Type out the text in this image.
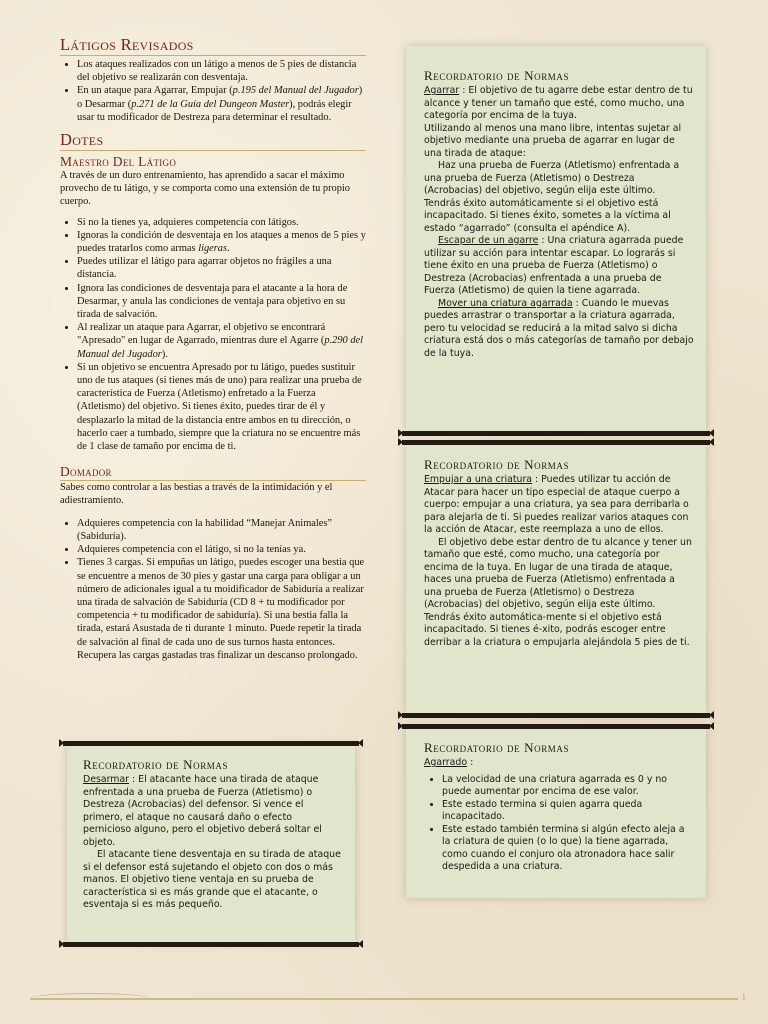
Látigos Revisados
• Los ataques realizados con un látigo a menos de 5 pies de distancia del objetivo se realizarán con desventaja.
• En un ataque para Agarrar, Empujar (p.195 del Manual del Jugador) o Desarmar (p.271 de la Guía del Dungeon Master), podrás elegir usar tu modificador de Destreza para determinar el resultado.
Dotes
Maestro Del Látigo

A través de un duro entrenamiento, has aprendido a sacar el máximo provecho de tu látigo, y se comporta como una extensión de tu propio cuerpo.

• Si no la tienes ya, adquieres competencia con látigos.
• Ignoras la condición de desventaja en los ataques a menos de 5 pies y puedes tratarlos como armas ligeras.
• Puedes utilizar el látigo para agarrar objetos no frágiles a una distancia.
• Ignora las condiciones de desventaja para el atacante a la hora de Desarmar, y anula las condiciones de ventaja para objetivo en su tirada de salvación.
• Al realizar un ataque para Agarrar, el objetivo se encontrará "Apresado" en lugar de Agarrado, mientras dure el Agarre (p.290 del Manual del Jugador).
• Si un objetivo se encuentra Apresado por tu látigo, puedes sustituir uno de tus ataques (si tienes más de uno) para realizar una prueba de característica de Fuerza (Atletismo) enfretado a la Fuerza (Atletismo) del objetivo. Si tienes éxito, puedes tirar de él y desplazarlo la mitad de la distancia entre ambos en tu dirección, o hacerlo caer a tumbado, siempre que la criatura no se encuentre más de 1 clase de tamaño por encima de ti.
Domador

Sabes como controlar a las bestias a través de la intimidación y el adiestramiento.

• Adquieres competencia con la habilidad “Manejar Animales” (Sabiduría).
• Adquieres competencia con el látigo, si no la tenías ya.
• Tienes 3 cargas. Si empuñas un látigo, puedes escoger una bestia que se encuentre a menos de 30 pies y gastar una carga para obligar a un número de adicionales igual a tu moidificador de Sabiduría a realizar una tirada de salvación de Sabiduría (CD 8 + tu modificador por competencia + tu modificador de sabiduría). Si una bestia falla la tirada, estará Asustada de ti durante 1 minuto. Puede repetir la tirada de salvación al final de cada uno de sus turnos hasta entonces. Recupera las cargas gastadas tras finalizar un descanso prolongado.
Recordatorio de Normas

Desarmar : El atacante hace una tirada de ataque enfrentada a una prueba de Fuerza (Atletismo) o Destreza (Acrobacias) del defensor. Si vence el primero, el ataque no causará daño o efecto pernicioso alguno, pero el objetivo deberá soltar el objeto.

El atacante tiene desventaja en su tirada de ataque si el defensor está sujetando el objeto con dos o más manos. El objetivo tiene ventaja en su prueba de característica si es más grande que el atacante, o esventaja si es más pequeño.

Recordatorio de Normas

Agarrar : El objetivo de tu agarre debe estar dentro de tu alcance y tener un tamaño que esté, como mucho, una categoría por encima de la tuya.

Utilizando al menos una mano libre, intentas sujetar al objetivo mediante una prueba de agarrar en lugar de una tirada de ataque:

Haz una prueba de Fuerza (Atletismo) enfrentada a una prueba de Fuerza (Atletismo) o Destreza (Acrobacias) del objetivo, según elija este último. Tendrás éxito automáticamente si el objetivo está incapacitado. Si tienes éxito, sometes a la víctima al estado “agarrado” (consulta el apéndice A).

Escapar de un agarre : Una criatura agarrada puede utilizar su acción para intentar escapar. Lo lograrás si tiene éxito en una prueba de Fuerza (Atletismo) o Destreza (Acrobacias) enfrentada a una prueba de Fuerza (Atletismo) de quien la tiene agarrada.

Mover una criatura agarrada : Cuando le muevas puedes arrastrar o transportar a la criatura agarrada, pero tu velocidad se reducirá a la mitad salvo si dicha criatura está dos o más categorías de tamaño por debajo de la tuya.

Recordatorio de Normas

Empujar a una criatura : Puedes utilizar tu acción de Atacar para hacer un tipo especial de ataque cuerpo a cuerpo: empujar a una criatura, ya sea para derribarla o para alejarla de ti. Si puedes realizar varios ataques con la acción de Atacar, este reemplaza a uno de ellos.

El objetivo debe estar dentro de tu alcance y tener un tamaño que esté, como mucho, una categoría por encima de la tuya. En lugar de una tirada de ataque, haces una prueba de Fuerza (Atletismo) enfrentada a una prueba de Fuerza (Atletismo) o Destreza (Acrobacias) del objetivo, según elija este último. Tendrás éxito automática-mente si el objetivo está incapacitado. Si tienes é-xito, podrás escoger entre derribar a la criatura o empujarla alejándola 5 pies de ti.

Recordatorio de Normas

Agarrado :

• La velocidad de una criatura agarrada es 0 y no puede aumentar por encima de ese valor.
• Este estado termina si quien agarra queda incapacitado.
• Este estado también termina si algún efecto aleja a la criatura de quien (o lo que) la tiene agarrada, como cuando el conjuro ola atronadora hace salir despedida a una criatura.
1
